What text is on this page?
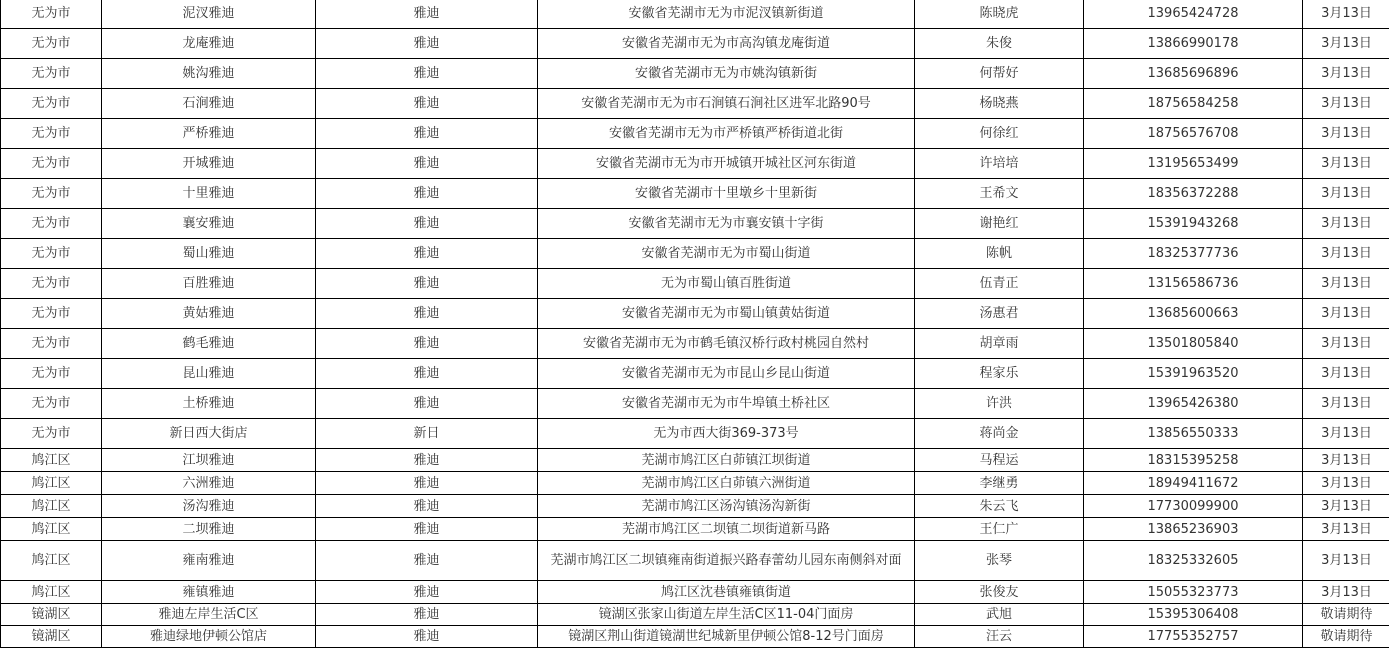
无为市	泥汊雅迪	雅迪	安徽省芜湖市无为市泥汊镇新街道	陈晓虎	13965424728	3月13日
无为市	龙庵雅迪	雅迪	安徽省芜湖市无为市高沟镇龙庵街道	朱俊	13866990178	3月13日
无为市	姚沟雅迪	雅迪	安徽省芜湖市无为市姚沟镇新街	何帮好	13685696896	3月13日
无为市	石涧雅迪	雅迪	安徽省芜湖市无为市石涧镇石涧社区进军北路90号	杨晓燕	18756584258	3月13日
无为市	严桥雅迪	雅迪	安徽省芜湖市无为市严桥镇严桥街道北街	何徐红	18756576708	3月13日
无为市	开城雅迪	雅迪	安徽省芜湖市无为市开城镇开城社区河东街道	许培培	13195653499	3月13日
无为市	十里雅迪	雅迪	安徽省芜湖市十里墩乡十里新街	王希文	18356372288	3月13日
无为市	襄安雅迪	雅迪	安徽省芜湖市无为市襄安镇十字街	谢艳红	15391943268	3月13日
无为市	蜀山雅迪	雅迪	安徽省芜湖市无为市蜀山街道	陈帆	18325377736	3月13日
无为市	百胜雅迪	雅迪	无为市蜀山镇百胜街道	伍青正	13156586736	3月13日
无为市	黄姑雅迪	雅迪	安徽省芜湖市无为市蜀山镇黄姑街道	汤惠君	13685600663	3月13日
无为市	鹤毛雅迪	雅迪	安徽省芜湖市无为市鹤毛镇汉桥行政村桃园自然村	胡章雨	13501805840	3月13日
无为市	昆山雅迪	雅迪	安徽省芜湖市无为市昆山乡昆山街道	程家乐	15391963520	3月13日
无为市	土桥雅迪	雅迪	安徽省芜湖市无为市牛埠镇土桥社区	许洪	13965426380	3月13日
无为市	新日西大街店	新日	无为市西大街369-373号	蒋尚金	13856550333	3月13日
鸠江区	江坝雅迪	雅迪	芜湖市鸠江区白茆镇江坝街道	马程运	18315395258	3月13日
鸠江区	六洲雅迪	雅迪	芜湖市鸠江区白茆镇六洲街道	李继勇	18949411672	3月13日
鸠江区	汤沟雅迪	雅迪	芜湖市鸠江区汤沟镇汤沟新街	朱云飞	17730099900	3月13日
鸠江区	二坝雅迪	雅迪	芜湖市鸠江区二坝镇二坝街道新马路	王仁广	13865236903	3月13日
鸠江区	雍南雅迪	雅迪	芜湖市鸠江区二坝镇雍南街道振兴路春蕾幼儿园东南侧斜对面	张琴	18325332605	3月13日
鸠江区	雍镇雅迪	雅迪	鸠江区沈巷镇雍镇街道	张俊友	15055323773	3月13日
镜湖区	雅迪左岸生活C区	雅迪	镜湖区张家山街道左岸生活C区11-04门面房	武旭	15395306408	敬请期待
镜湖区	雅迪绿地伊顿公馆店	雅迪	镜湖区荆山街道镜湖世纪城新里伊顿公馆8-12号门面房	汪云	17755352757	敬请期待
